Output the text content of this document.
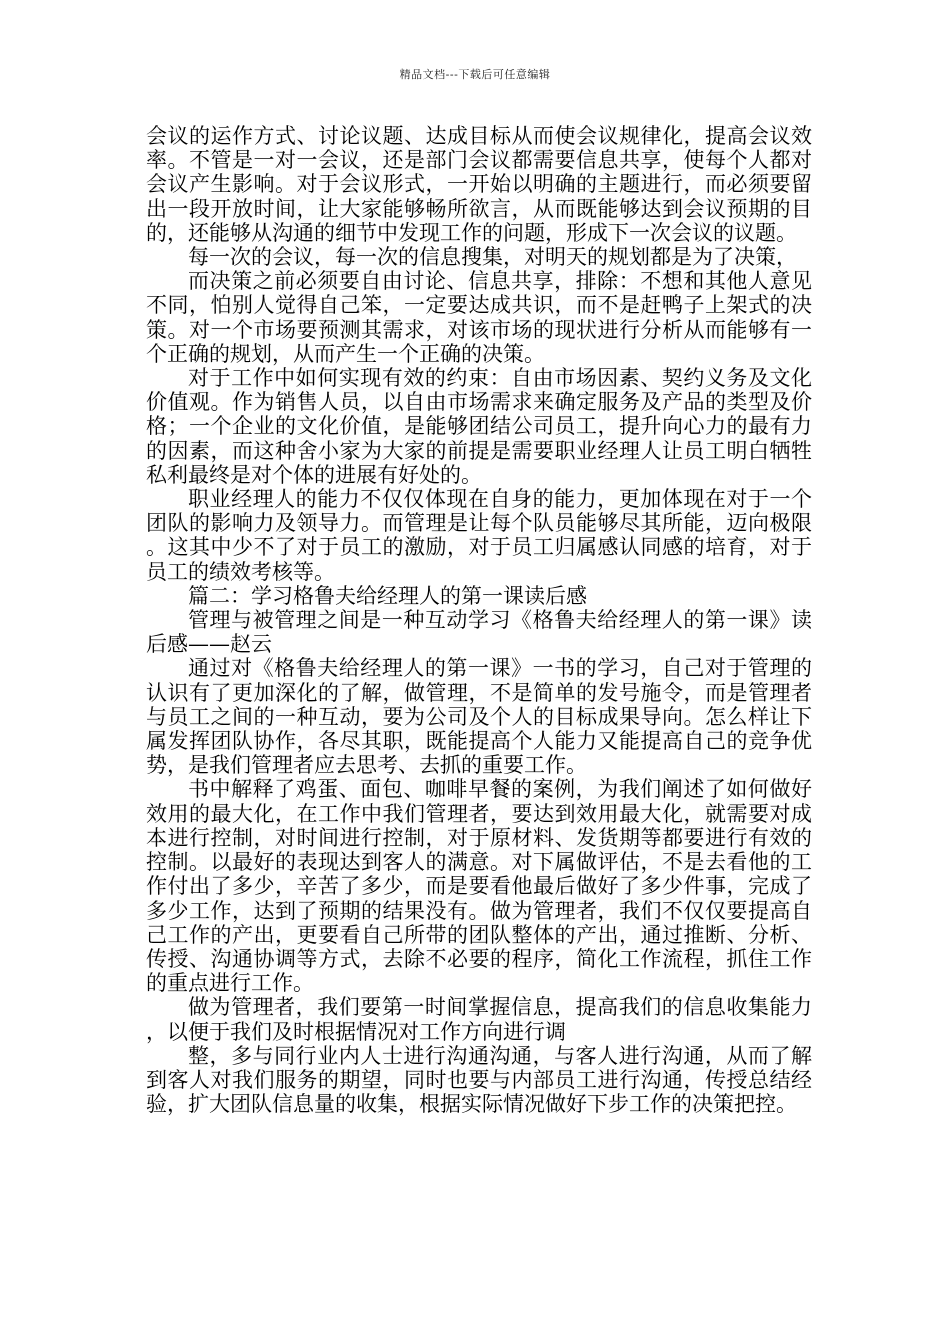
精品文档---下载后可任意编辑

会议的运作方式、讨论议题、达成目标从而使会议规律化，提高会议效率。不管是一对一会议，还是部门会议都需要信息共享，使每个人都对会议产生影响。对于会议形式，一开始以明确的主题进行，而必须要留出一段开放时间，让大家能够畅所欲言，从而既能够达到会议预期的目的，还能够从沟通的细节中发现工作的问题，形成下一次会议的议题。

每一次的会议，每一次的信息搜集，对明天的规划都是为了决策，

而决策之前必须要自由讨论、信息共享，排除：不想和其他人意见不同，怕别人觉得自己笨，一定要达成共识，而不是赶鸭子上架式的决策。对一个市场要预测其需求，对该市场的现状进行分析从而能够有一个正确的规划，从而产生一个正确的决策。

对于工作中如何实现有效的约束：自由市场因素、契约义务及文化价值观。作为销售人员，以自由市场需求来确定服务及产品的类型及价格；一个企业的文化价值，是能够团结公司员工，提升向心力的最有力的因素，而这种舍小家为大家的前提是需要职业经理人让员工明白牺牲私利最终是对个体的进展有好处的。

职业经理人的能力不仅仅体现在自身的能力，更加体现在对于一个团队的影响力及领导力。而管理是让每个队员能够尽其所能，迈向极限。这其中少不了对于员工的激励，对于员工归属感认同感的培育，对于员工的绩效考核等。

篇二：学习格鲁夫给经理人的第一课读后感

管理与被管理之间是一种互动学习《格鲁夫给经理人的第一课》读后感——赵云

通过对《格鲁夫给经理人的第一课》一书的学习，自己对于管理的认识有了更加深化的了解，做管理，不是简单的发号施令，而是管理者与员工之间的一种互动，要为公司及个人的目标成果导向。怎么样让下属发挥团队协作，各尽其职，既能提高个人能力又能提高自己的竞争优势，是我们管理者应去思考、去抓的重要工作。

书中解释了鸡蛋、面包、咖啡早餐的案例，为我们阐述了如何做好效用的最大化，在工作中我们管理者，要达到效用最大化，就需要对成本进行控制，对时间进行控制，对于原材料、发货期等都要进行有效的控制。以最好的表现达到客人的满意。对下属做评估，不是去看他的工作付出了多少，辛苦了多少，而是要看他最后做好了多少件事，完成了多少工作，达到了预期的结果没有。做为管理者，我们不仅仅要提高自己工作的产出，更要看自己所带的团队整体的产出，通过推断、分析、传授、沟通协调等方式，去除不必要的程序，简化工作流程，抓住工作的重点进行工作。

做为管理者，我们要第一时间掌握信息，提高我们的信息收集能力，以便于我们及时根据情况对工作方向进行调

整，多与同行业内人士进行沟通沟通，与客人进行沟通，从而了解到客人对我们服务的期望，同时也要与内部员工进行沟通，传授总结经验，扩大团队信息量的收集，根据实际情况做好下步工作的决策把控。
